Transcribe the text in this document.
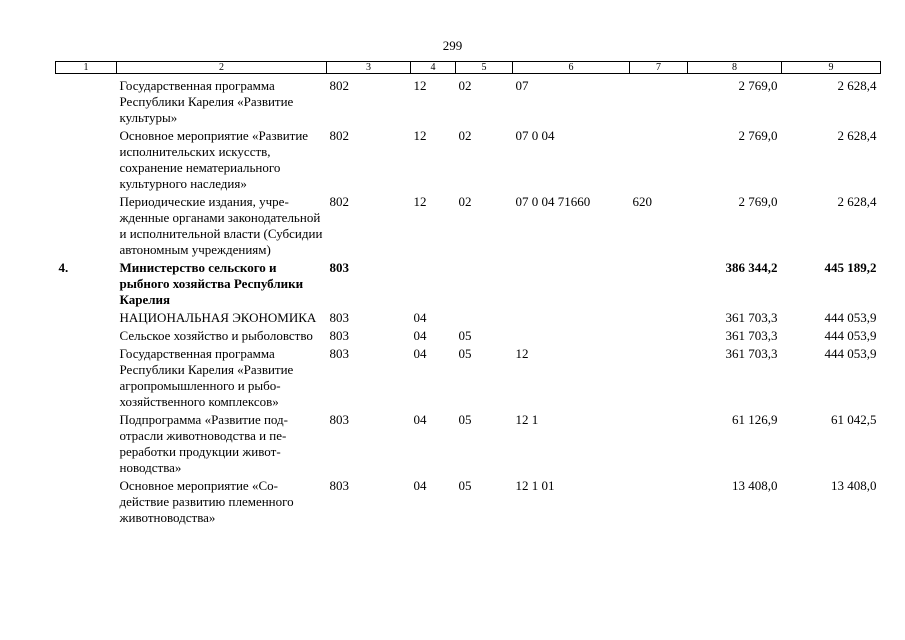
299
1	2	3	4	5	6	7	8	9
	Государственная программа Республики Карелия «Развитие культуры»	802	12	02	07		2 769,0	2 628,4
	Основное мероприятие «Развитие исполнительских искусств, сохранение нематериального культурного наследия»	802	12	02	07 0 04		2 769,0	2 628,4
	Периодические издания, учрежденные органами законодательной и исполнительной власти (Субсидии автономным учреждениям)	802	12	02	07 0 04 71660	620	2 769,0	2 628,4
4.	Министерство сельского и рыбного хозяйства Республики Карелия	803					386 344,2	445 189,2
	НАЦИОНАЛЬНАЯ ЭКОНОМИКА	803	04				361 703,3	444 053,9
	Сельское хозяйство и рыболовство	803	04	05			361 703,3	444 053,9
	Государственная программа Республики Карелия «Развитие агропромышленного и рыбохозяйственного комплексов»	803	04	05	12		361 703,3	444 053,9
	Подпрограмма «Развитие подотрасли животноводства и переработки продукции животноводства»	803	04	05	12 1		61 126,9	61 042,5
	Основное мероприятие «Содействие развитию племенного животноводства»	803	04	05	12 1 01		13 408,0	13 408,0
